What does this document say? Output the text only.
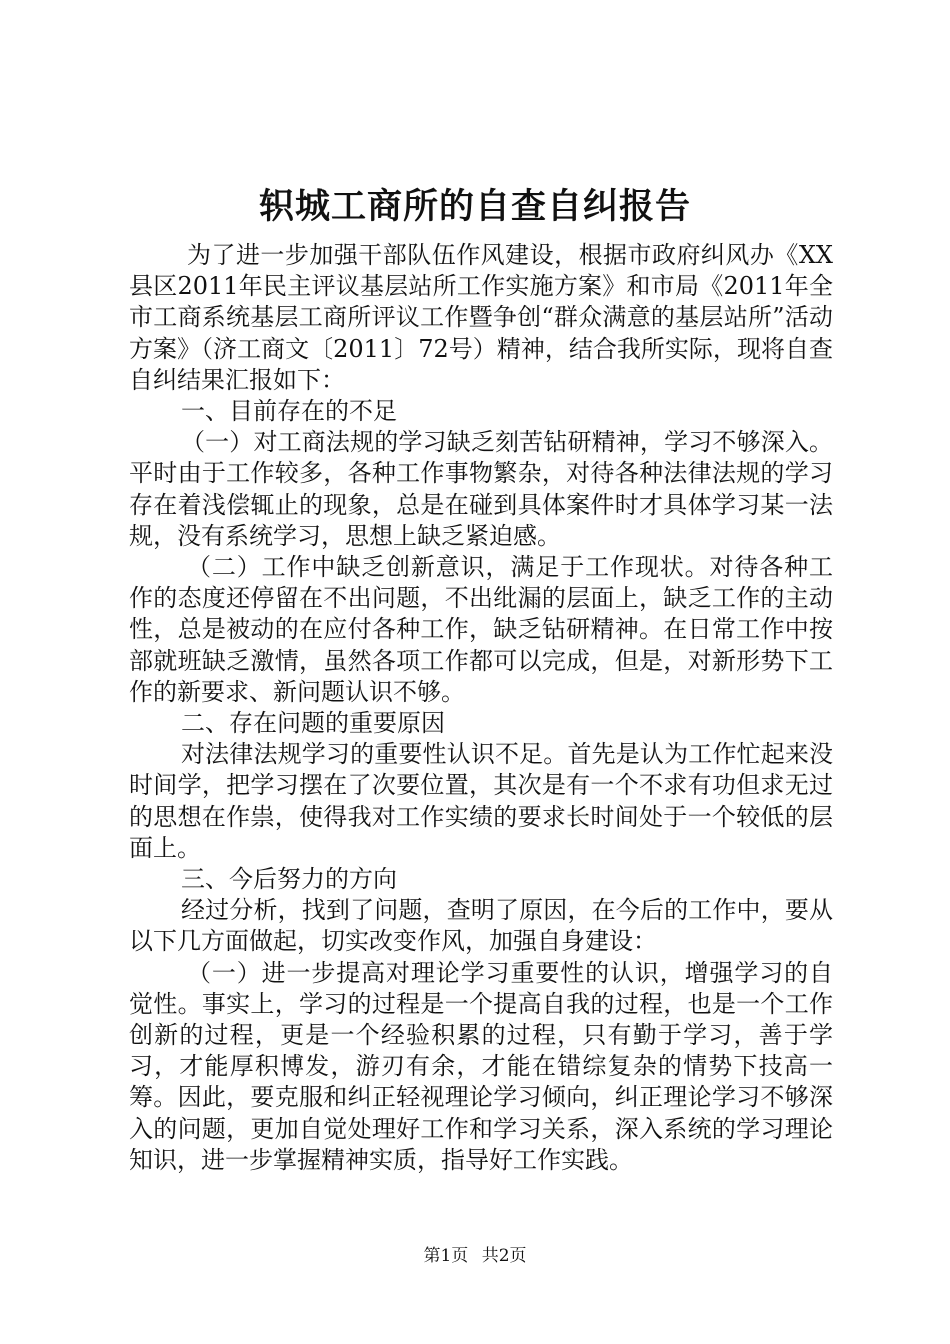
轵城工商所的自查自纠报告

为了进一步加强干部队伍作风建设，根据市政府纠风办《XX县区2011年民主评议基层站所工作实施方案》和市局《2011年全市工商系统基层工商所评议工作暨争创“群众满意的基层站所”活动方案》（济工商文〔2011〕72号）精神，结合我所实际，现将自查自纠结果汇报如下：

一、目前存在的不足

（一）对工商法规的学习缺乏刻苦钻研精神，学习不够深入。平时由于工作较多，各种工作事物繁杂，对待各种法律法规的学习存在着浅偿辄止的现象，总是在碰到具体案件时才具体学习某一法规，没有系统学习，思想上缺乏紧迫感。

（二）工作中缺乏创新意识，满足于工作现状。对待各种工作的态度还停留在不出问题，不出纰漏的层面上，缺乏工作的主动性，总是被动的在应付各种工作，缺乏钻研精神。在日常工作中按部就班缺乏激情，虽然各项工作都可以完成，但是，对新形势下工作的新要求、新问题认识不够。

二、存在问题的重要原因

对法律法规学习的重要性认识不足。首先是认为工作忙起来没时间学，把学习摆在了次要位置，其次是有一个不求有功但求无过的思想在作祟，使得我对工作实绩的要求长时间处于一个较低的层面上。

三、今后努力的方向

经过分析，找到了问题，查明了原因，在今后的工作中，要从以下几方面做起，切实改变作风，加强自身建设：

（一）进一步提高对理论学习重要性的认识，增强学习的自觉性。事实上，学习的过程是一个提高自我的过程，也是一个工作创新的过程，更是一个经验积累的过程，只有勤于学习，善于学习，才能厚积博发，游刃有余，才能在错综复杂的情势下技高一筹。因此，要克服和纠正轻视理论学习倾向，纠正理论学习不够深入的问题，更加自觉处理好工作和学习关系，深入系统的学习理论知识，进一步掌握精神实质，指导好工作实践。

第1页 共2页
